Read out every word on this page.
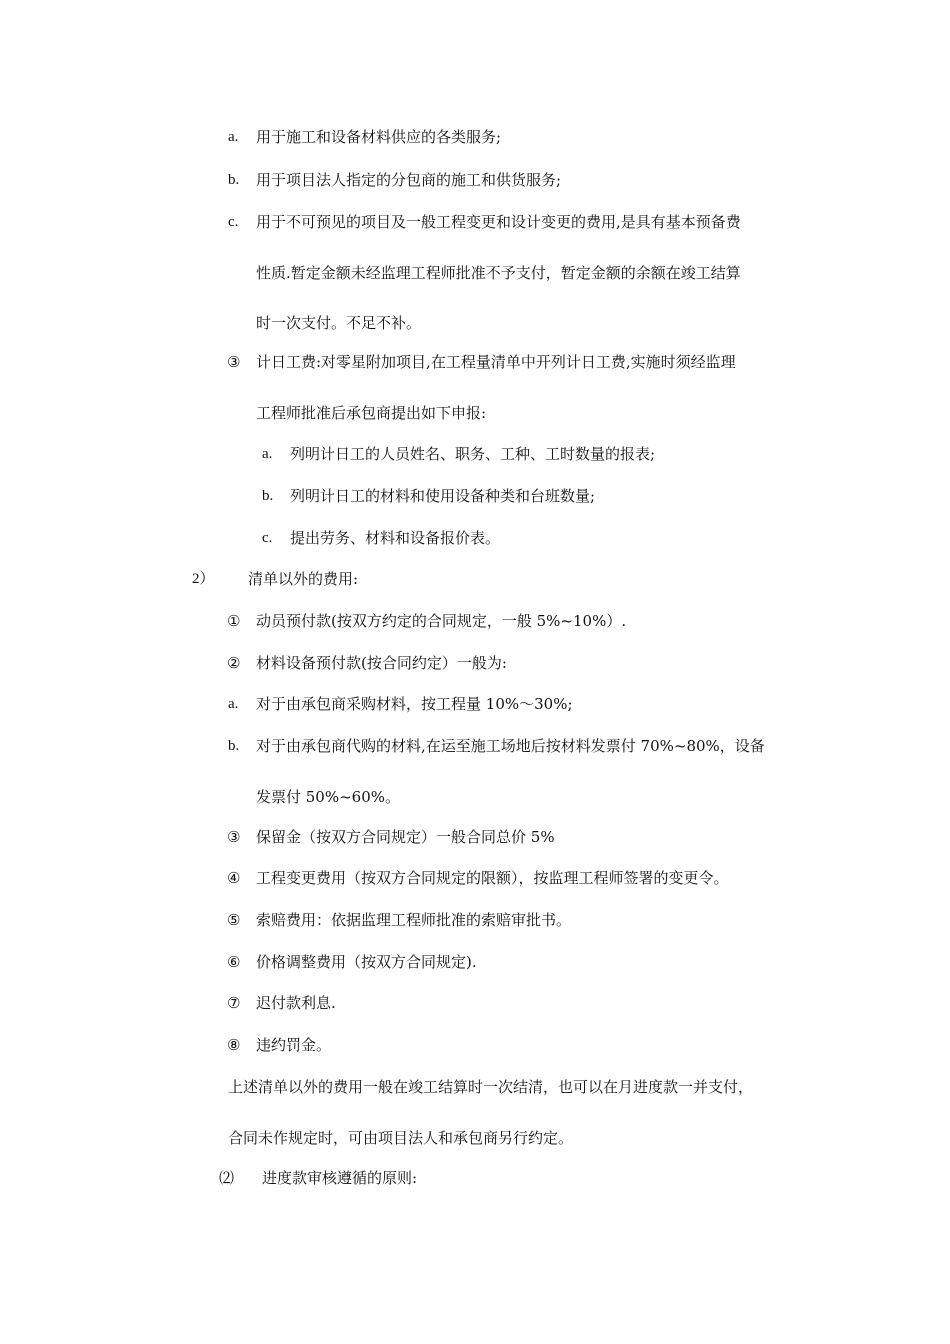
a. 用于施工和设备材料供应的各类服务;
b. 用于项目法人指定的分包商的施工和供货服务;
c. 用于不可预见的项目及一般工程变更和设计变更的费用,是具有基本预备费
性质.暂定金额未经监理工程师批准不予支付，暂定金额的余额在竣工结算
时一次支付。不足不补。
③ 计日工费:对零星附加项目,在工程量清单中开列计日工费,实施时须经监理
工程师批准后承包商提出如下申报:
a. 列明计日工的人员姓名、职务、工种、工时数量的报表;
b. 列明计日工的材料和使用设备种类和台班数量;
c. 提出劳务、材料和设备报价表。
2） 清单以外的费用:
① 动员预付款(按双方约定的合同规定，一般 5%~10%）.
② 材料设备预付款(按合同约定）一般为:
a. 对于由承包商采购材料，按工程量 10%～30%;
b. 对于由承包商代购的材料,在运至施工场地后按材料发票付 70%~80%，设备
发票付 50%~60%。
③ 保留金（按双方合同规定）一般合同总价 5%
④ 工程变更费用（按双方合同规定的限额），按监理工程师签署的变更令。
⑤ 索赔费用：依据监理工程师批准的索赔审批书。
⑥ 价格调整费用（按双方合同规定).
⑦ 迟付款利息.
⑧ 违约罚金。
上述清单以外的费用一般在竣工结算时一次结清，也可以在月进度款一并支付，
合同未作规定时，可由项目法人和承包商另行约定。
⑵ 进度款审核遵循的原则:
